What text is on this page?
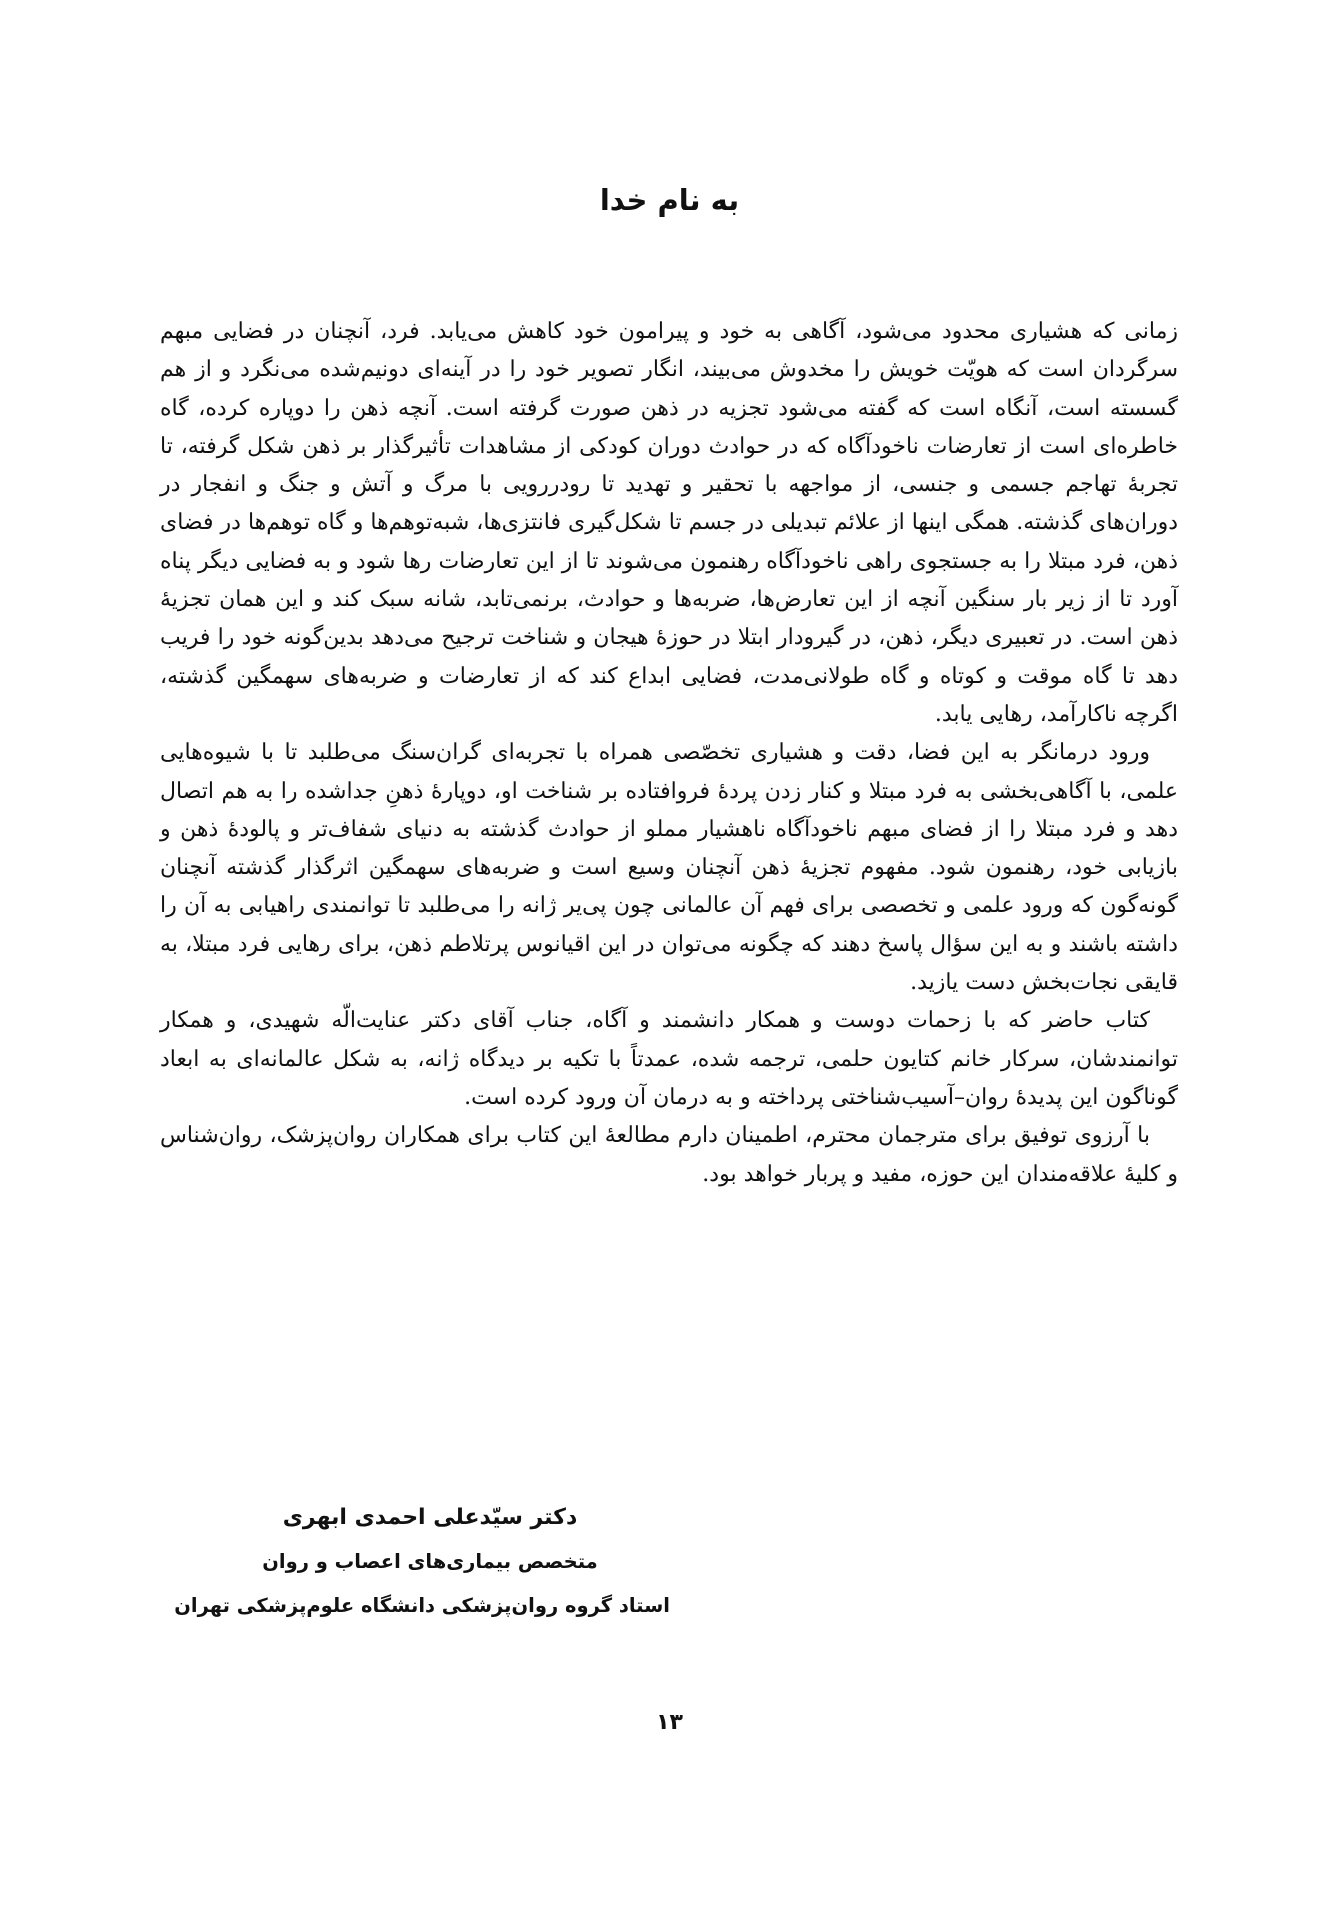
به نام خدا

زمانی که هشیاری محدود می‌شود، آگاهی به خود و پیرامون خود کاهش می‌یابد. فرد، آنچنان در فضایی مبهم سرگردان است که هویّت خویش را مخدوش می‌بیند، انگار تصویر خود را در آینه‌ای دونیم‌شده می‌نگرد و از هم گسسته است، آنگاه است که گفته می‌شود تجزیه در ذهن صورت گرفته است. آنچه ذهن را دوپاره کرده، گاه خاطره‌ای است از تعارضات ناخودآگاه که در حوادث دوران کودکی از مشاهدات تأثیرگذار بر ذهن شکل گرفته، تا تجربهٔ تهاجم جسمی و جنسی، از مواجهه با تحقیر و تهدید تا رودررویی با مرگ و آتش و جنگ و انفجار در دوران‌های گذشته. همگی اینها از علائم تبدیلی در جسم تا شکل‌گیری فانتزی‌ها، شبه‌توهم‌ها و گاه توهم‌ها در فضای ذهن، فرد مبتلا را به جستجوی راهی ناخودآگاه رهنمون می‌شوند تا از این تعارضات رها شود و به فضایی دیگر پناه آورد تا از زیر بار سنگین آنچه از این تعارض‌ها، ضربه‌ها و حوادث، برنمی‌تابد، شانه سبک کند و این همان تجزیهٔ ذهن است. در تعبیری دیگر، ذهن، در گیرودار ابتلا در حوزهٔ هیجان و شناخت ترجیح می‌دهد بدین‌گونه خود را فریب دهد تا گاه موقت و کوتاه و گاه طولانی‌مدت، فضایی ابداع کند که از تعارضات و ضربه‌های سهمگین گذشته، اگرچه ناکارآمد، رهایی یابد.

ورود درمانگر به این فضا، دقت و هشیاری تخصّصی همراه با تجربه‌ای گران‌سنگ می‌طلبد تا با شیوه‌هایی علمی، با آگاهی‌بخشی به فرد مبتلا و کنار زدن پردهٔ فروافتاده بر شناخت او، دوپارهٔ ذهنِ جداشده را به هم اتصال دهد و فرد مبتلا را از فضای مبهم ناخودآگاه ناهشیار مملو از حوادث گذشته به دنیای شفاف‌تر و پالودهٔ ذهن و بازیابی خود، رهنمون شود. مفهوم تجزیهٔ ذهن آنچنان وسیع است و ضربه‌های سهمگین اثرگذار گذشته آنچنان گونه‌گون که ورود علمی و تخصصی برای فهم آن عالمانی چون پی‌یر ژانه را می‌طلبد تا توانمندی راهیابی به آن را داشته باشند و به این سؤال پاسخ دهند که چگونه می‌توان در این اقیانوس پرتلاطم ذهن، برای رهایی فرد مبتلا، به قایقی نجات‌بخش دست یازید.

کتاب حاضر که با زحمات دوست و همکار دانشمند و آگاه، جناب آقای دکتر عنایت‌الّه شهیدی، و همکار توانمندشان، سرکار خانم کتایون حلمی، ترجمه شده، عمدتاً با تکیه بر دیدگاه ژانه، به شکل عالمانه‌ای به ابعاد گوناگون این پدیدهٔ روان–آسیب‌شناختی پرداخته و به درمان آن ورود کرده است.

با آرزوی توفیق برای مترجمان محترم، اطمینان دارم مطالعهٔ این کتاب برای همکاران روان‌پزشک، روان‌شناس و کلیهٔ علاقه‌مندان این حوزه، مفید و پربار خواهد بود.

دکتر سیّدعلی احمدی ابهری
متخصص بیماری‌های اعصاب و روان
استاد گروه روان‌پزشکی دانشگاه علوم‌پزشکی تهران
۱۳
